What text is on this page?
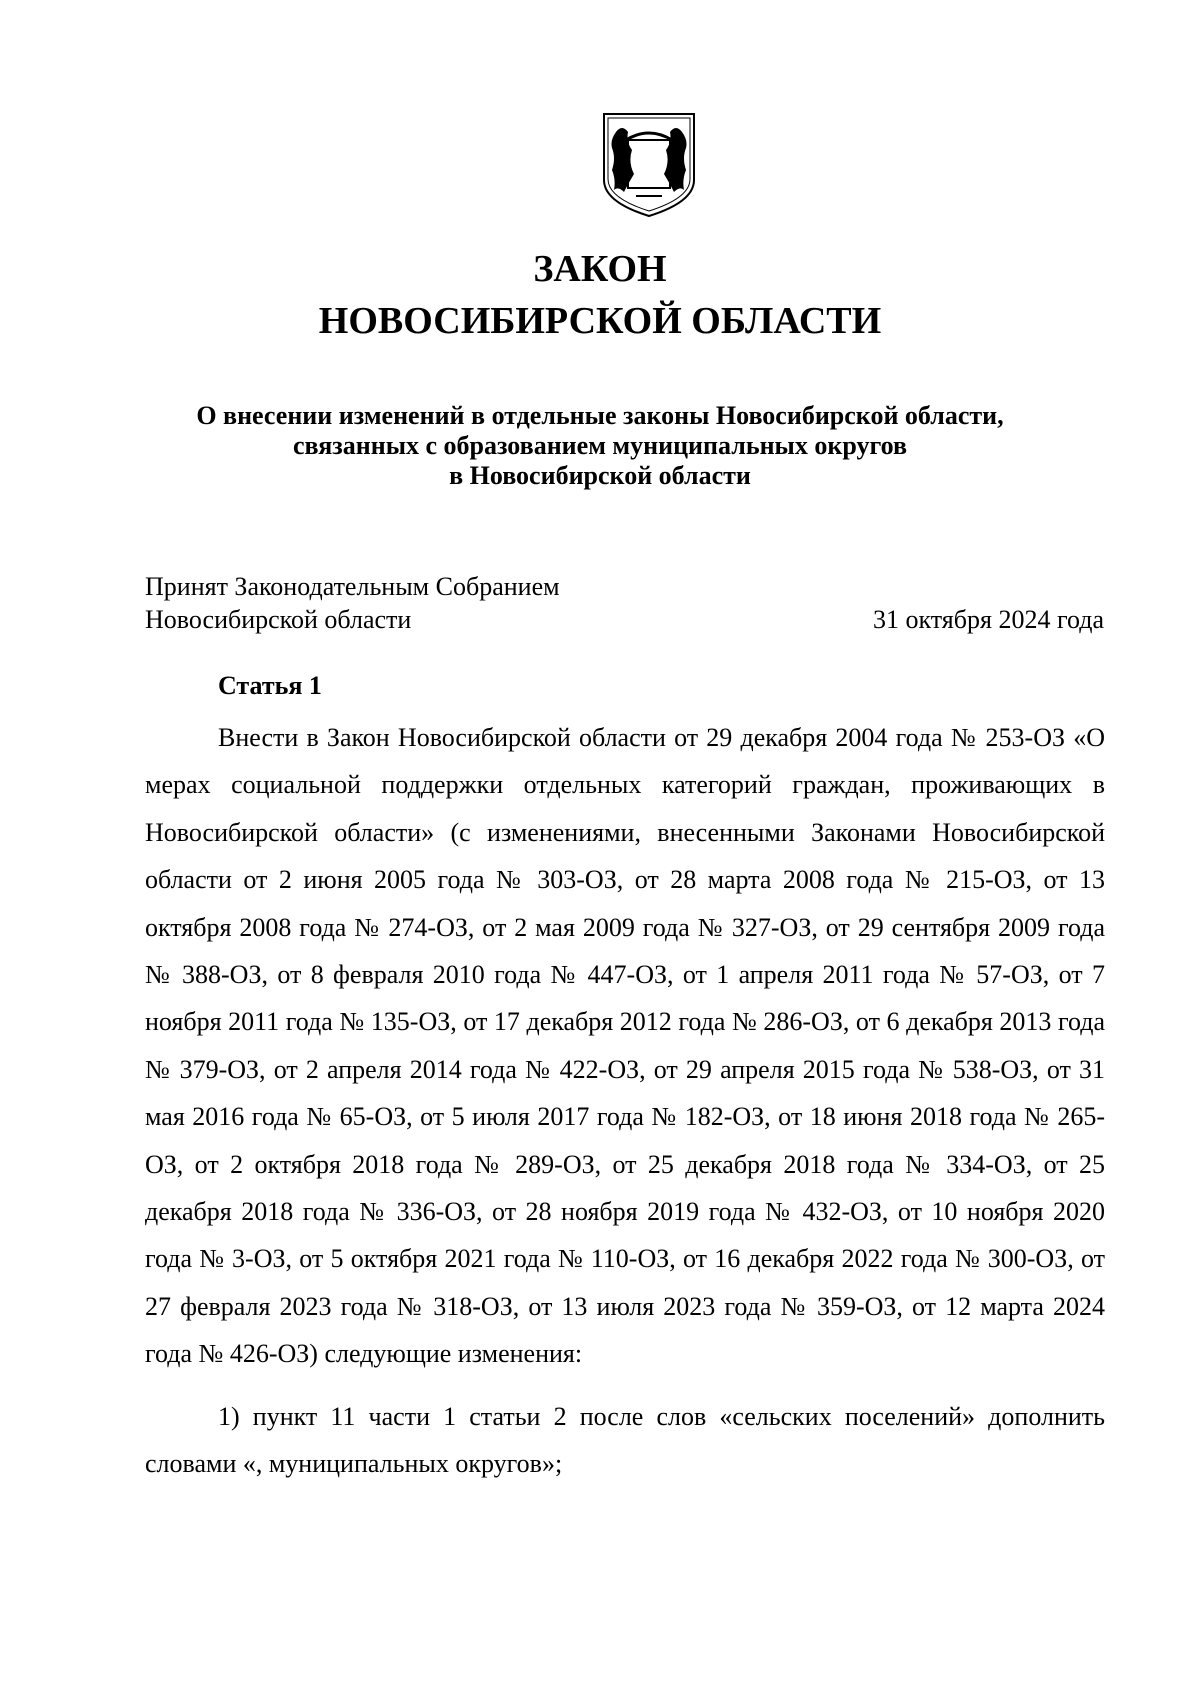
ЗАКОН
НОВОСИБИРСКОЙ ОБЛАСТИ
О внесении изменений в отдельные законы Новосибирской области,
связанных с образованием муниципальных округов
в Новосибирской области
Принят Законодательным Собранием
Новосибирской области	31 октября 2024 года
Статья 1

Внести в Закон Новосибирской области от 29 декабря 2004 года № 253-ОЗ «О мерах социальной поддержки отдельных категорий граждан, проживающих в Новосибирской области» (с изменениями, внесенными Законами Новосибирской области от 2 июня 2005 года № 303-ОЗ, от 28 марта 2008 года № 215-ОЗ, от 13 октября 2008 года № 274-ОЗ, от 2 мая 2009 года № 327-ОЗ, от 29 сентября 2009 года № 388-ОЗ, от 8 февраля 2010 года № 447-ОЗ, от 1 апреля 2011 года № 57-ОЗ, от 7 ноября 2011 года № 135-ОЗ, от 17 декабря 2012 года № 286-ОЗ, от 6 декабря 2013 года № 379-ОЗ, от 2 апреля 2014 года № 422-ОЗ, от 29 апреля 2015 года № 538-ОЗ, от 31 мая 2016 года № 65-ОЗ, от 5 июля 2017 года № 182-ОЗ, от 18 июня 2018 года № 265-ОЗ, от 2 октября 2018 года № 289-ОЗ, от 25 декабря 2018 года № 334-ОЗ, от 25 декабря 2018 года № 336-ОЗ, от 28 ноября 2019 года № 432-ОЗ, от 10 ноября 2020 года № 3-ОЗ, от 5 октября 2021 года № 110-ОЗ, от 16 декабря 2022 года № 300-ОЗ, от 27 февраля 2023 года № 318-ОЗ, от 13 июля 2023 года № 359-ОЗ, от 12 марта 2024 года № 426-ОЗ) следующие изменения:

1) пункт 11 части 1 статьи 2 после слов «сельских поселений» дополнить словами «, муниципальных округов»;
